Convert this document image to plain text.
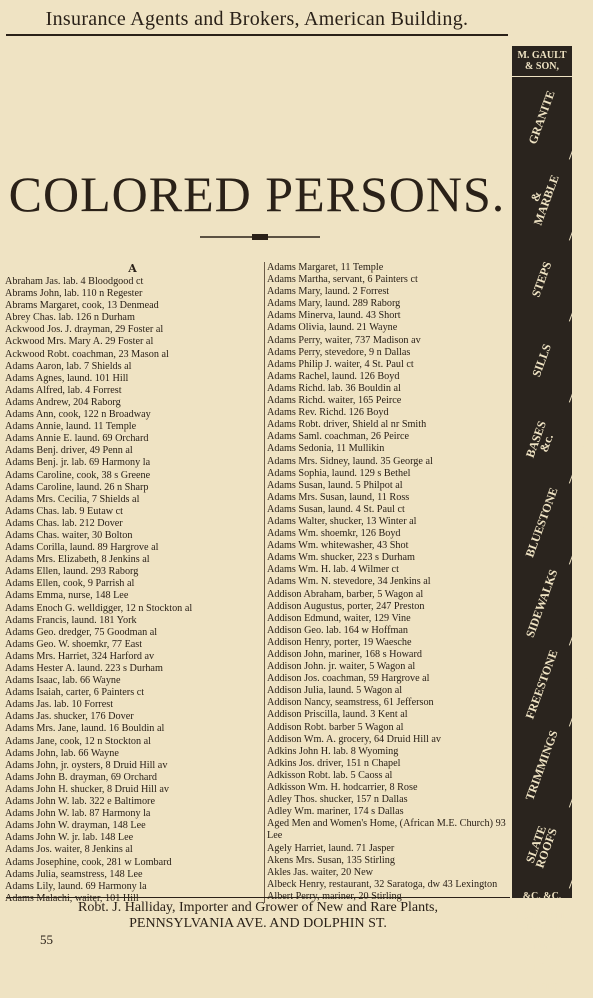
Insurance Agents and Brokers, American Building.
COLORED PERSONS.
A
Abraham Jas. lab. 4 Bloodgood ct
Abrams John, lab. 110 n Regester
Abrams Margaret, cook, 13 Denmead
Abrey Chas. lab. 126 n Durham
Ackwood Jos. J. drayman, 29 Foster al
Ackwood Mrs. Mary A. 29 Foster al
Ackwood Robt. coachman, 23 Mason al
Adams Aaron, lab. 7 Shields al
Adams Agnes, laund. 101 Hill
Adams Alfred, lab. 4 Forrest
Adams Andrew, 204 Raborg
Adams Ann, cook, 122 n Broadway
Adams Annie, laund. 11 Temple
Adams Annie E. laund. 69 Orchard
Adams Benj. driver, 49 Penn al
Adams Benj. jr. lab. 69 Harmony la
Adams Caroline, cook, 38 s Greene
Adams Caroline, laund. 26 n Sharp
Adams Mrs. Cecilia, 7 Shields al
Adams Chas. lab. 9 Eutaw ct
Adams Chas. lab. 212 Dover
Adams Chas. waiter, 30 Bolton
Adams Corilla, laund. 89 Hargrove al
Adams Mrs. Elizabeth, 8 Jenkins al
Adams Ellen, laund. 293 Raborg
Adams Ellen, cook, 9 Parrish al
Adams Emma, nurse, 148 Lee
Adams Enoch G. welldigger, 12 n Stockton al
Adams Francis, laund. 181 York
Adams Geo. dredger, 75 Goodman al
Adams Geo. W. shoemkr, 77 East
Adams Mrs. Harriet, 324 Harford av
Adams Hester A. laund. 223 s Durham
Adams Isaac, lab. 66 Wayne
Adams Isaiah, carter, 6 Painters ct
Adams Jas. lab. 10 Forrest
Adams Jas. shucker, 176 Dover
Adams Mrs. Jane, laund. 16 Bouldin al
Adams Jane, cook, 12 n Stockton al
Adams John, lab. 66 Wayne
Adams John, jr. oysters, 8 Druid Hill av
Adams John B. drayman, 69 Orchard
Adams John H. shucker, 8 Druid Hill av
Adams John W. lab. 322 e Baltimore
Adams John W. lab. 87 Harmony la
Adams John W. drayman, 148 Lee
Adams John W. jr. lab. 148 Lee
Adams Jos. waiter, 8 Jenkins al
Adams Josephine, cook, 281 w Lombard
Adams Julia, seamstress, 148 Lee
Adams Lily, laund. 69 Harmony la
Adams Malachi, waiter, 101 Hill
Adams Margaret, 11 Temple
Adams Martha, servant, 6 Painters ct
Adams Mary, laund. 2 Forrest
Adams Mary, laund. 289 Raborg
Adams Minerva, laund. 43 Short
Adams Olivia, laund. 21 Wayne
Adams Perry, waiter, 737 Madison av
Adams Perry, stevedore, 9 n Dallas
Adams Philip J. waiter, 4 St. Paul ct
Adams Rachel, laund. 126 Boyd
Adams Richd. lab. 36 Bouldin al
Adams Richd. waiter, 165 Peirce
Adams Rev. Richd. 126 Boyd
Adams Robt. driver, Shield al nr Smith
Adams Saml. coachman, 26 Peirce
Adams Sedonia, 11 Mullikin
Adams Mrs. Sidney, laund. 35 George al
Adams Sophia, laund. 129 s Bethel
Adams Susan, laund. 5 Philpot al
Adams Mrs. Susan, laund, 11 Ross
Adams Susan, laund. 4 St. Paul ct
Adams Walter, shucker, 13 Winter al
Adams Wm. shoemkr, 126 Boyd
Adams Wm. whitewasher, 43 Shot
Adams Wm. shucker, 223 s Durham
Adams Wm. H. lab. 4 Wilmer ct
Adams Wm. N. stevedore, 34 Jenkins al
Addison Abraham, barber, 5 Wagon al
Addison Augustus, porter, 247 Preston
Addison Edmund, waiter, 129 Vine
Addison Geo. lab. 164 w Hoffman
Addison Henry, porter, 19 Waesche
Addison John, mariner, 168 s Howard
Addison John. jr. waiter, 5 Wagon al
Addison Jos. coachman, 59 Hargrove al
Addison Julia, laund. 5 Wagon al
Addison Nancy, seamstress, 61 Jefferson
Addison Priscilla, laund. 3 Kent al
Addison Robt. barber 5 Wagon al
Addison Wm. A. grocery, 64 Druid Hill av
Adkins John H. lab. 8 Wyoming
Adkins Jos. driver, 151 n Chapel
Adkisson Robt. lab. 5 Caoss al
Adkisson Wm. H. hodcarrier, 8 Rose
Adley Thos. shucker, 157 n Dallas
Adley Wm. mariner, 174 s Dallas
Aged Men and Women's Home, (African M.E. Church) 93 Lee
Agely Harriet, laund. 71 Jasper
Akens Mrs. Susan, 135 Stirling
Akles Jas. waiter, 20 New
Albeck Henry, restaurant, 32 Saratoga, dw 43 Lexington
Albert Perry, mariner, 20 Stirling
M. GAULT & SON,
GRANITE
& MARBLE
STEPS
SILLS
BASES &c.
BLUESTONE
SIDEWALKS
FREESTONE
TRIMMINGS
SLATE ROOFS
&C. &C.
POLISHED GRANITE
COLUMNS
CAPS &C.
BASES
Robt. J. Halliday, Importer and Grower of New and Rare Plants,
PENNSYLVANIA AVE. AND DOLPHIN ST.
55
